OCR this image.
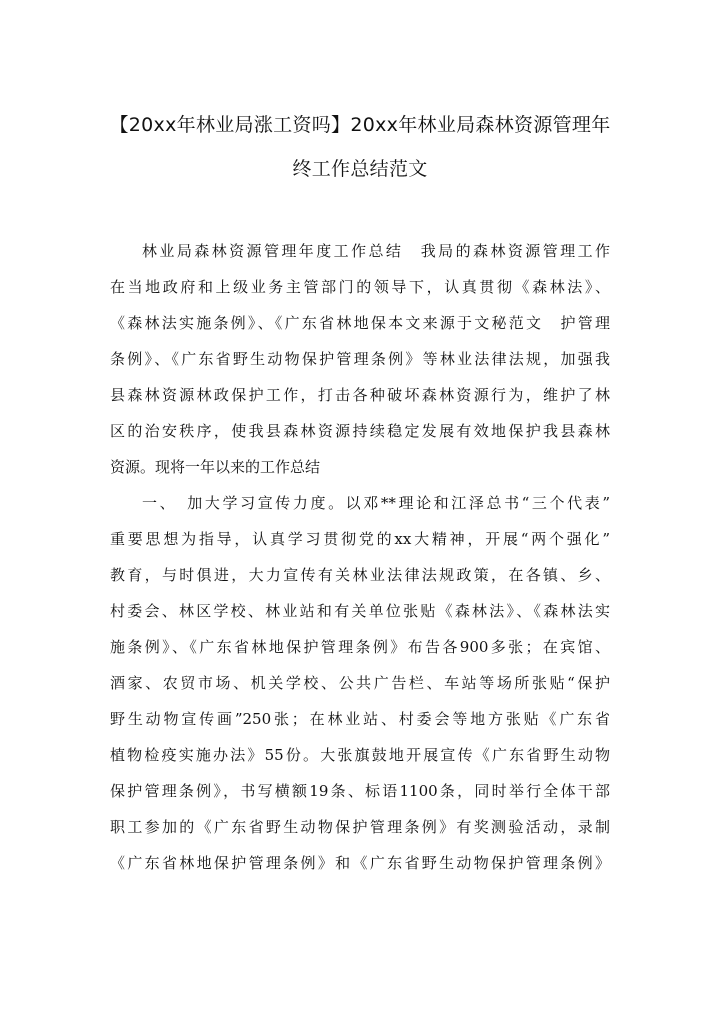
【20xx年林业局涨工资吗】20xx年林业局森林资源管理年
终工作总结范文
林业局森林资源管理年度工作总结　我局的森林资源管理工作
在当地政府和上级业务主管部门的领导下，认真贯彻《森林法》、
《森林法实施条例》、《广东省林地保本文来源于文秘范文　护管理
条例》、《广东省野生动物保护管理条例》等林业法律法规，加强我
县森林资源林政保护工作，打击各种破坏森林资源行为，维护了林
区的治安秩序，使我县森林资源持续稳定发展有效地保护我县森林
资源。现将一年以来的工作总结
一、　加大学习宣传力度。以邓**理论和江泽总书“三个代表”
重要思想为指导，认真学习贯彻党的xx大精神，开展“两个强化”
教育，与时俱进，大力宣传有关林业法律法规政策，在各镇、乡、
村委会、林区学校、林业站和有关单位张贴《森林法》、《森林法实
施条例》、《广东省林地保护管理条例》布告各900多张；在宾馆、
酒家、农贸市场、机关学校、公共广告栏、车站等场所张贴“保护
野生动物宣传画”250张；在林业站、村委会等地方张贴《广东省
植物检疫实施办法》55份。大张旗鼓地开展宣传《广东省野生动物
保护管理条例》，书写横额19条、标语1100条，同时举行全体干部
职工参加的《广东省野生动物保护管理条例》有奖测验活动，录制
《广东省林地保护管理条例》和《广东省野生动物保护管理条例》
